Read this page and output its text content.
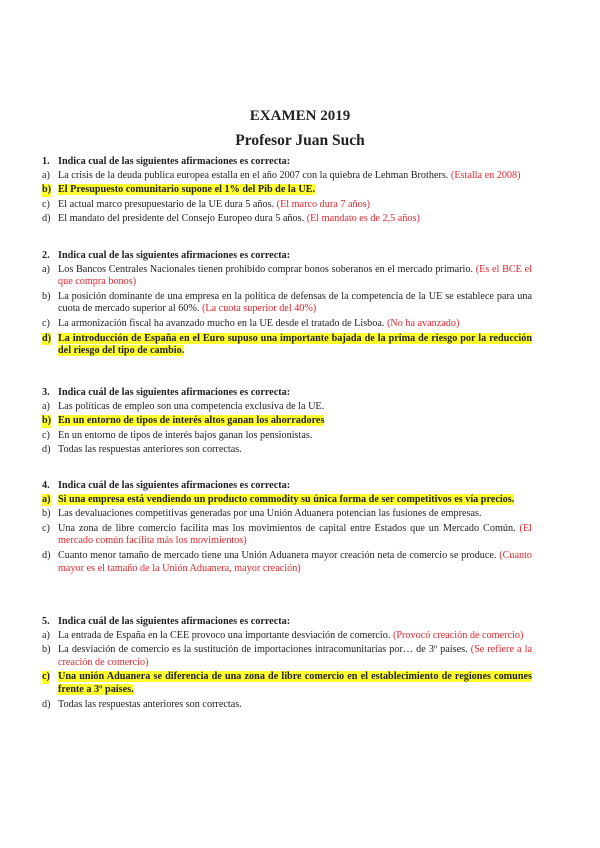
EXAMEN 2019
Profesor Juan Such
1. Indica cual de las siguientes afirmaciones es correcta:
a) La crisis de la deuda publica europea estalla en el año 2007 con la quiebra de Lehman Brothers. (Estalla en 2008)
b) El Presupuesto comunitario supone el 1% del Pib de la UE.
c) El actual marco presupuestario de la UE dura 5 años. (El marco dura 7 años)
d) El mandato del presidente del Consejo Europeo dura 5 años. (El mandato es de 2,5 años)
2. Indica cual de las siguientes afirmaciones es correcta:
a) Los Bancos Centrales Nacionales tienen prohibido comprar bonos soberanos en el mercado primario. (Es el BCE el que compra bonos)
b) La posición dominante de una empresa en la política de defensas de la competencia de la UE se establece para una cuota de mercado superior al 60%. (La cuota superior del 40%)
c) La armonización fiscal ha avanzado mucho en la UE desde el tratado de Lisboa. (No ha avanzado)
d) La introducción de España en el Euro supuso una importante bajada de la prima de riesgo por la reducción del riesgo del tipo de cambio.
3. Indica cuál de las siguientes afirmaciones es correcta:
a) Las políticas de empleo son una competencia exclusiva de la UE.
b) En un entorno de tipos de interés altos ganan los ahorradores
c) En un entorno de tipos de interés bajos ganan los pensionistas.
d) Todas las respuestas anteriores son correctas.
4. Indica cuál de las siguientes afirmaciones es correcta:
a) Si una empresa está vendiendo un producto commodity su única forma de ser competitivos es vía precios.
b) Las devaluaciones competitivas generadas por una Unión Aduanera potencian las fusiones de empresas.
c) Una zona de libre comercio facilita mas los movimientos de capital entre Estados que un Mercado Común. (El mercado común facilita más los movimientos)
d) Cuanto menor tamaño de mercado tiene una Unión Aduanera mayor creación neta de comercio se produce. (Cuanto mayor es el tamaño de la Unión Aduanera, mayor creación)
5. Indica cuál de las siguientes afirmaciones es correcta:
a) La entrada de España en la CEE provoco una importante desviación de comercio. (Provocó creación de comercio)
b) La desviación de comercio es la sustitución de importaciones intracomunitarias por… de 3º países. (Se refiere a la creación de comercio)
c) Una unión Aduanera se diferencia de una zona de libre comercio en el establecimiento de regiones comunes frente a 3º países.
d) Todas las respuestas anteriores son correctas.
